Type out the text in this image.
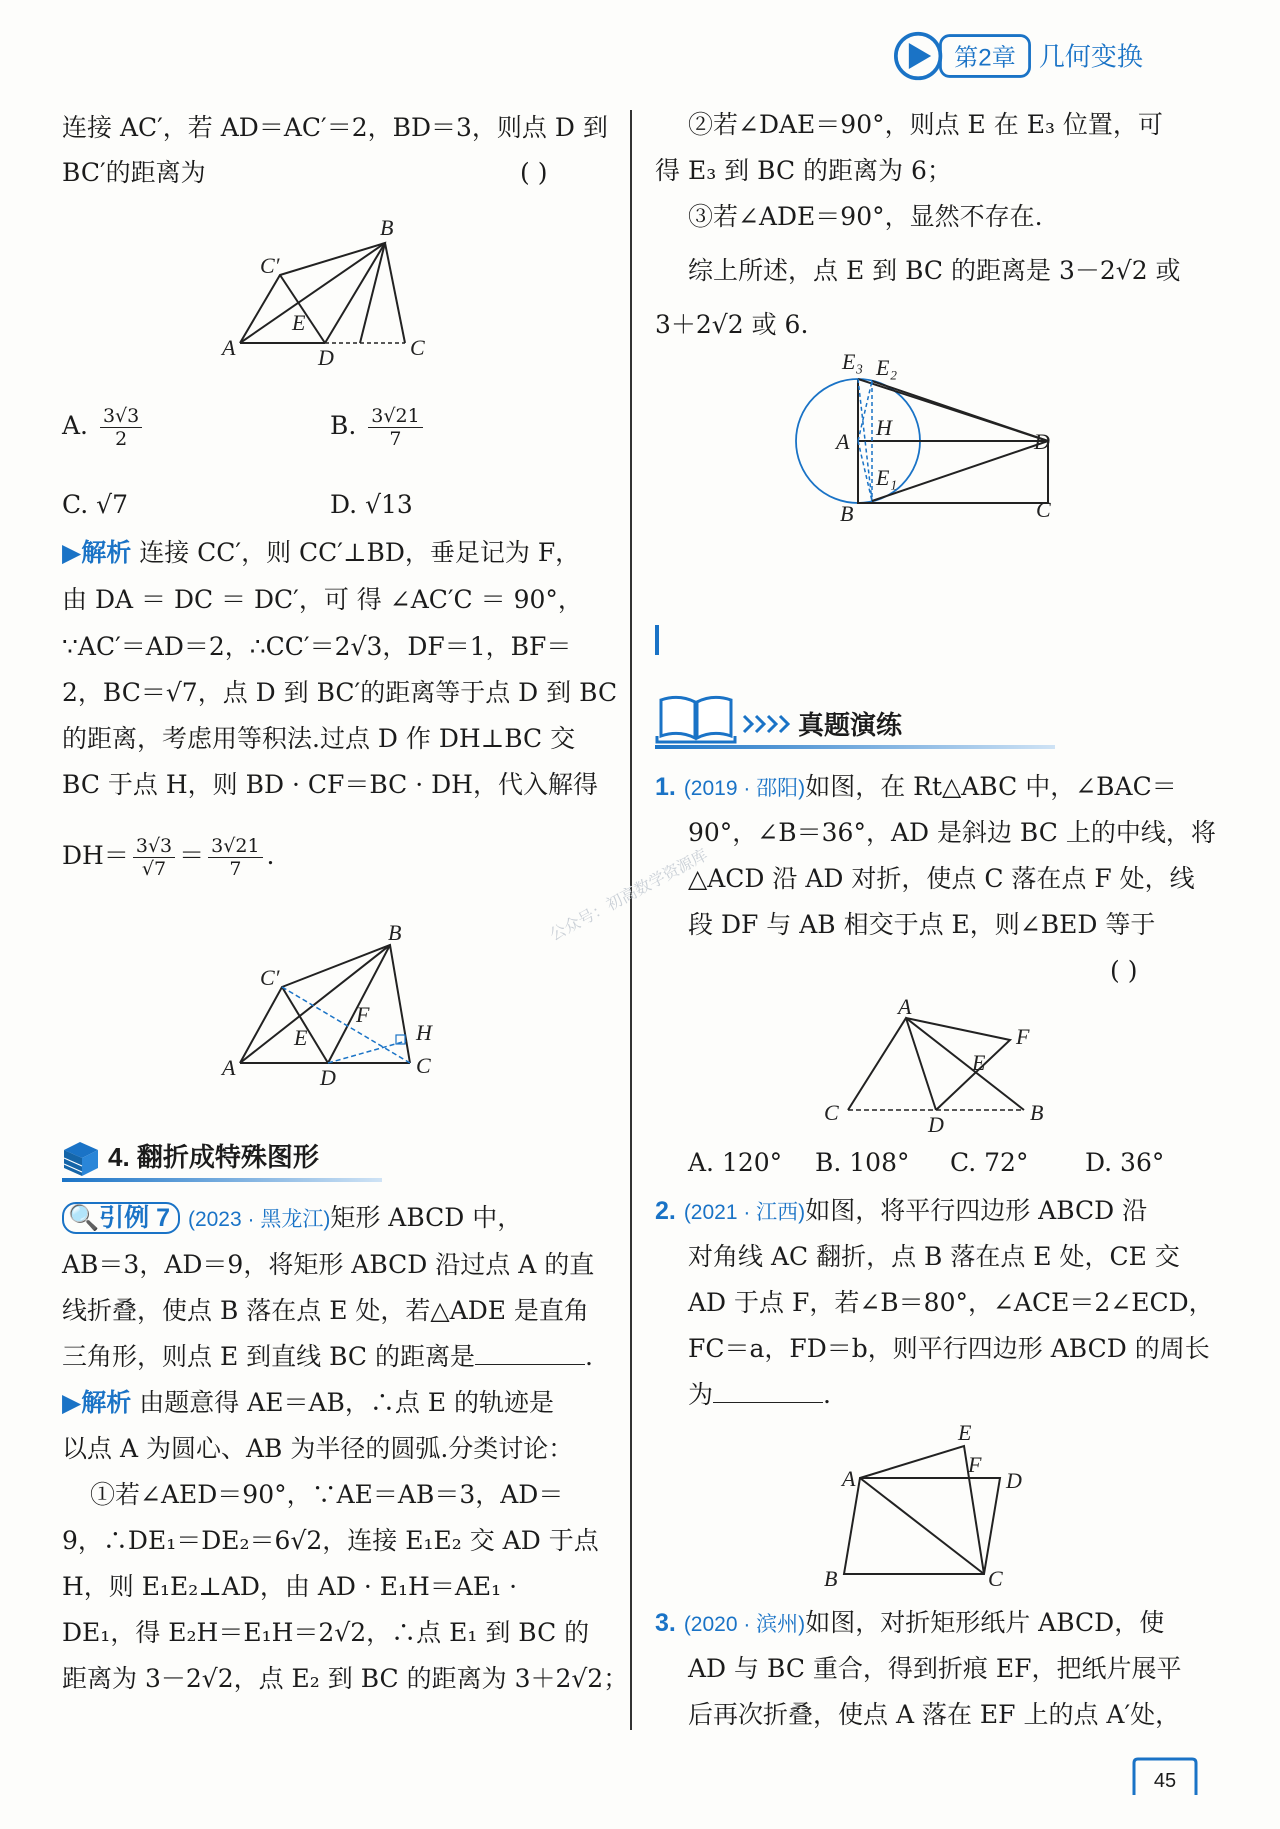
第2章 几何变换
连接 AC′，若 AD＝AC′＝2，BD＝3，则点 D 到
BC′的距离为	( )
B
C′
E
A	D	C
A. $\frac{3√3}{2}$	B. $\frac{3√21}{7}$
C. √7	D. √13
▶解析 连接 CC′，则 CC′⊥BD，垂足记为 F，
由 DA ＝ DC ＝ DC′，可 得 ∠AC′C ＝ 90°，
∵AC′＝AD＝2，∴CC′＝2√3，DF＝1，BF＝
2，BC＝√7，点 D 到 BC′的距离等于点 D 到 BC
的距离，考虑用等积法.过点 D 作 DH⊥BC 交
BC 于点 H，则 BD · CF＝BC · DH，代入解得
$DH= \frac{3√3}{√7} = \frac{3√21}{7}$ .
B
C′
F
E	H
A	D	C
4. 翻折成特殊图形
🔍引例 7 (2023 · 黑龙江)矩形 ABCD 中，
AB＝3，AD＝9，将矩形 ABCD 沿过点 A 的直
线折叠，使点 B 落在点 E 处，若△ADE 是直角
三角形，则点 E 到直线 BC 的距离是	.
▶解析 由题意得 AE＝AB，∴点 E 的轨迹是
以点 A 为圆心、AB 为半径的圆弧.分类讨论：
①若∠AED＝90°，∵AE＝AB＝3，AD＝
9，∴DE₁＝DE₂＝6√2，连接 E₁E₂ 交 AD 于点
H，则 E₁E₂⊥AD，由 AD · E₁H＝AE₁ ·
DE₁，得 E₂H＝E₁H＝2√2，∴点 E₁ 到 BC 的
距离为 3－2√2，点 E₂ 到 BC 的距离为 3＋2√2；
②若∠DAE＝90°，则点 E 在 E₃ 位置，可
得 E₃ 到 BC 的距离为 6；
③若∠ADE＝90°，显然不存在.
综上所述，点 E 到 BC 的距离是 3－2√2 或
3＋2√2 或 6.
E₃ E₂
A
H
D
E₁
B	C
真题演练
1. (2019 · 邵阳)如图，在 Rt△ABC 中，∠BAC＝
90°，∠B＝36°，AD 是斜边 BC 上的中线，将
△ACD 沿 AD 对折，使点 C 落在点 F 处，线
段 DF 与 AB 相交于点 E，则∠BED 等于
( )
A
F
E
C	D	B
A. 120° B. 108° C. 72° D. 36°
2. (2021 · 江西)如图，将平行四边形 ABCD 沿
对角线 AC 翻折，点 B 落在点 E 处，CE 交
AD 于点 F，若∠B＝80°，∠ACE＝2∠ECD，
FC＝a，FD＝b，则平行四边形 ABCD 的周长
为	.
E
F
A	D
B	C
3. (2020 · 滨州)如图，对折矩形纸片 ABCD，使
AD 与 BC 重合，得到折痕 EF，把纸片展平
后再次折叠，使点 A 落在 EF 上的点 A′处，
45
公众号：初高数学资源库
